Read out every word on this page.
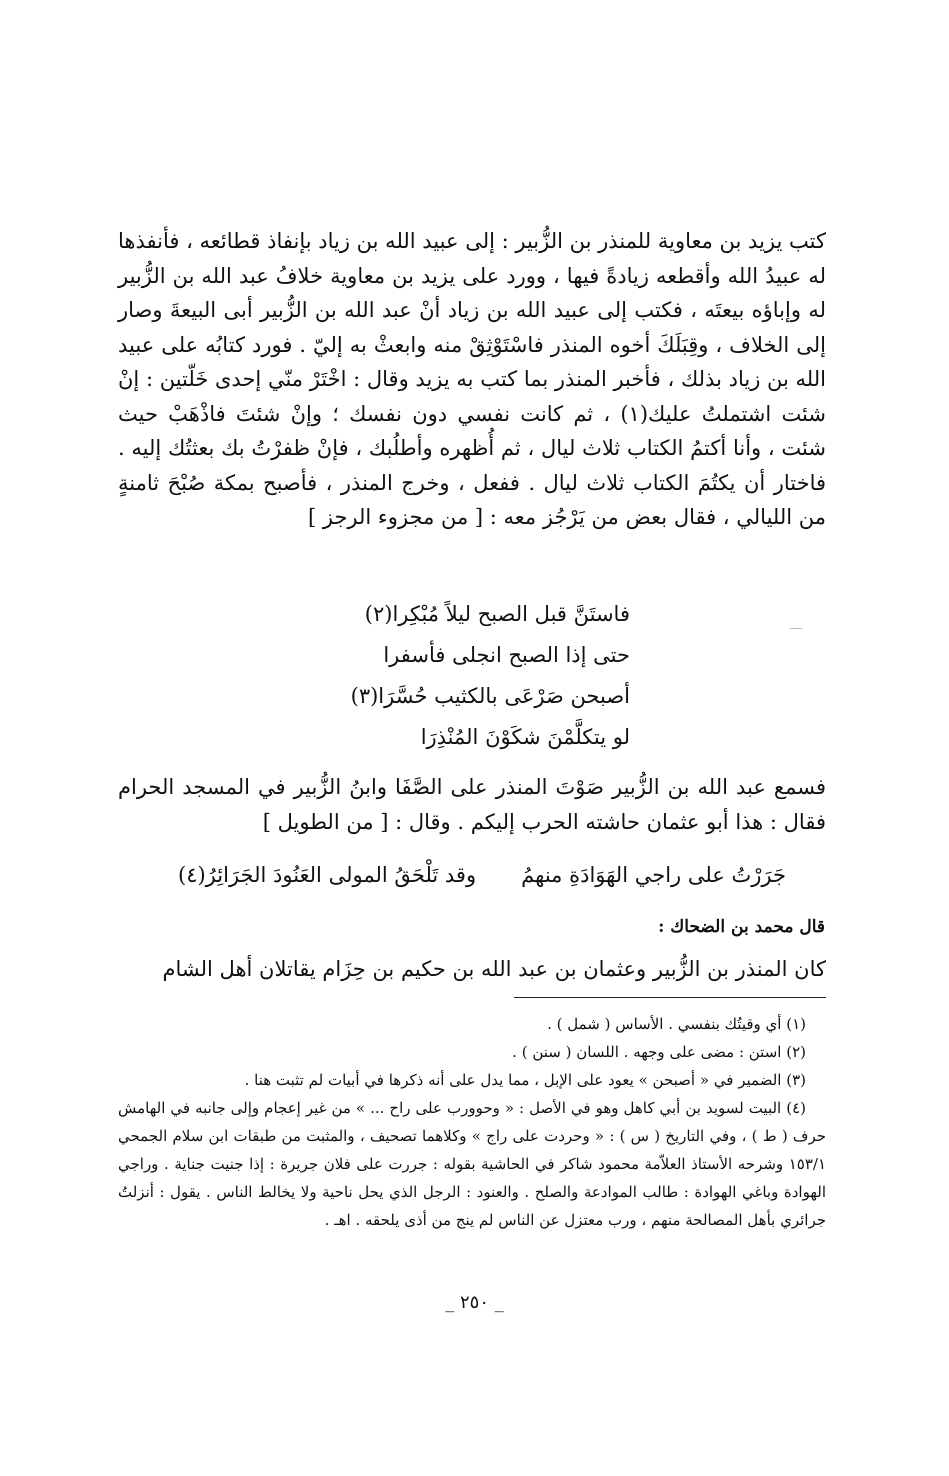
كتب يزيد بن معاوية للمنذر بن الزُّبير : إلى عبيد الله بن زياد بإنفاذ قطائعه ، فأنفذها له عبيدُ الله وأقطعه زيادةً فيها ، وورد على يزيد بن معاوية خلافُ عبد الله بن الزُّبير له وإباؤه بيعتَه ، فكتب إلى عبيد الله بن زياد أنْ عبد الله بن الزُّبير أبى البيعةَ وصار إلى الخلاف ، وقِبَلَكَ أخوه المنذر فاسْتَوْثِقْ منه وابعثْ به إليّ . فورد كتابُه على عبيد الله بن زياد بذلك ، فأخبر المنذر بما كتب به يزيد وقال : اخْتَرْ منّي إحدى خَلّتين : إنْ شئت اشتملتُ عليك(١) ، ثم كانت نفسي دون نفسك ؛ وإنْ شئتَ فاذْهَبْ حيث شئت ، وأنا أكتمُ الكتاب ثلاث ليال ، ثم أُظهره وأطلُبك ، فإنْ ظفرْتُ بك بعثتُك إليه . فاختار أن يكتُمَ الكتاب ثلاث ليال . ففعل ، وخرج المنذر ، فأصبح بمكة صُبْحَ ثامنةٍ من الليالي ، فقال بعض من يَرْجُز معه : [ من مجزوء الرجز ]

فاستَنَّ قبل الصبح ليلاً مُبْكِرا(٢)
حتى إذا الصبح انجلى فأسفرا
أصبحن صَرْعَى بالكثيب حُسَّرَا(٣)
لو يتكلَّمْنَ شكَوْنَ المُنْذِرَا

فسمع عبد الله بن الزُّبير صَوْتَ المنذر على الصَّفَا وابنُ الزُّبير في المسجد الحرام فقال : هذا أبو عثمان حاشته الحرب إليكم . وقال : [ من الطويل ]

جَرَرْتُ على راجي الهَوَادَةِ منهمُ
وقد تَلْحَقُ المولى العَنُودَ الجَرَائِرُ(٤)
قال محمد بن الضحاك :

كان المنذر بن الزُّبير وعثمان بن عبد الله بن حكيم بن حِزَام يقاتلان أهل الشام

(١) أي وقيتُك بنفسي . الأساس ( شمل ) .
(٢) استن : مضى على وجهه . اللسان ( سنن ) .
(٣) الضمير في « أصبحن » يعود على الإبل ، مما يدل على أنه ذكرها في أبيات لم تثبت هنا .
(٤) البيت لسويد بن أبي كاهل وهو في الأصل : « وحوورب على راح ... » من غير إعجام وإلى جانبه في الهامش حرف ( ط ) ، وفي التاريخ ( س ) : « وحردت على راج » وكلاهما تصحيف ، والمثبت من طبقات ابن سلام الجمحي ١٥٣/١ وشرحه الأستاذ العلاّمة محمود شاكر في الحاشية بقوله : جررت على فلان جريرة : إذا جنيت جناية . وراجي الهوادة وباغي الهوادة : طالب الموادعة والصلح . والعنود : الرجل الذي يحل ناحية ولا يخالط الناس . يقول : أنزلتُ جرائري بأهل المصالحة منهم ، ورب معتزل عن الناس لم ينج من أذى يلحقه . اهـ .
_ ٢٥٠ _
